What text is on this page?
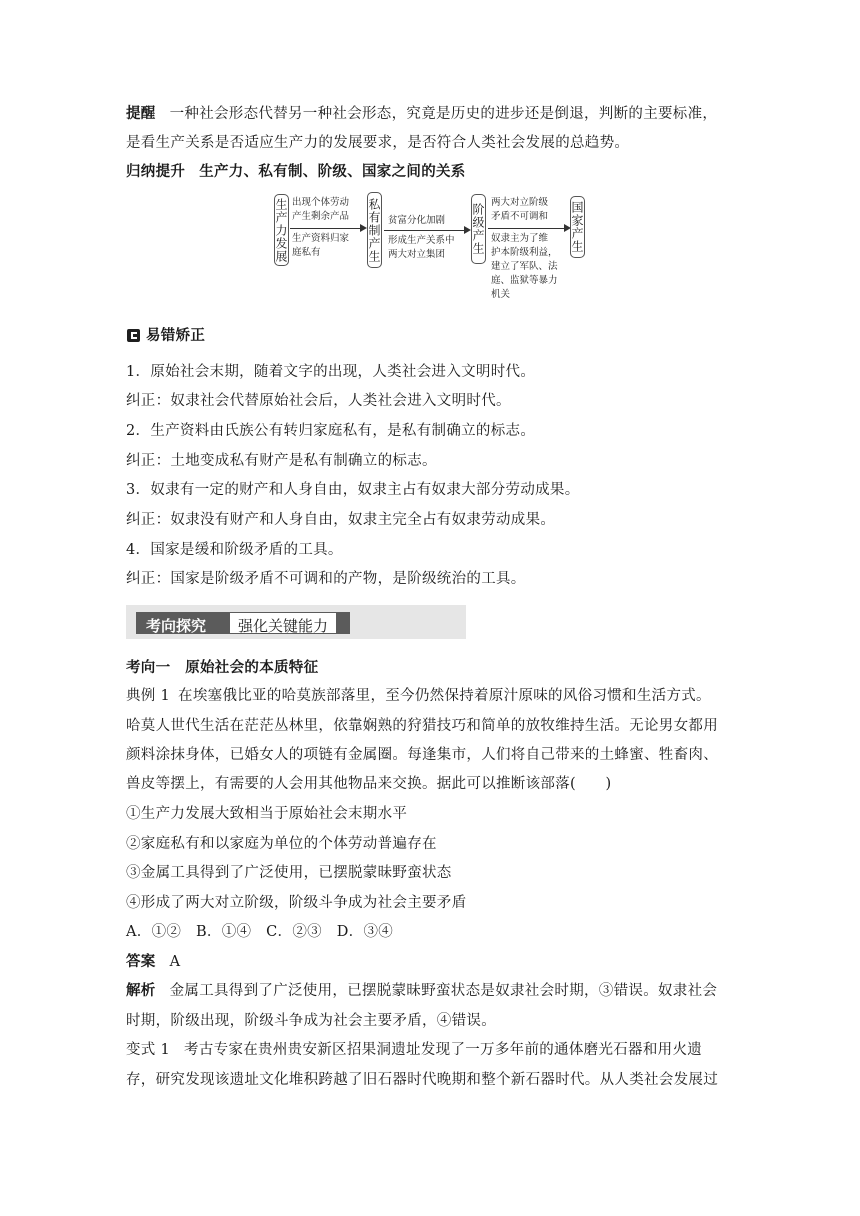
提醒 一种社会形态代替另一种社会形态，究竟是历史的进步还是倒退，判断的主要标准，
是看生产关系是否适应生产力的发展要求，是否符合人类社会发展的总趋势。
归纳提升 生产力、私有制、阶级、国家之间的关系
生产力发展 出现个体劳动
产生剩余产品
生产资料归家
庭私有	私有制产生 贫富分化加剧
形成生产关系中
两大对立集团 阶级产生
两大对立阶级
矛盾不可调和
奴隶主为了维
护本阶级利益，
建立了军队、法
庭、监狱等暴力
机关
国家产生
易错矫正
1．原始社会末期，随着文字的出现，人类社会进入文明时代。
纠正：奴隶社会代替原始社会后，人类社会进入文明时代。
2．生产资料由氏族公有转归家庭私有，是私有制确立的标志。
纠正：土地变成私有财产是私有制确立的标志。
3．奴隶有一定的财产和人身自由，奴隶主占有奴隶大部分劳动成果。
纠正：奴隶没有财产和人身自由，奴隶主完全占有奴隶劳动成果。
4．国家是缓和阶级矛盾的工具。
纠正：国家是阶级矛盾不可调和的产物，是阶级统治的工具。
考向探究 强化关键能力
考向一　原始社会的本质特征
典例 1 在埃塞俄比亚的哈莫族部落里，至今仍然保持着原汁原味的风俗习惯和生活方式。
哈莫人世代生活在茫茫丛林里，依靠娴熟的狩猎技巧和简单的放牧维持生活。无论男女都用
颜料涂抹身体，已婚女人的项链有金属圈。每逢集市，人们将自己带来的土蜂蜜、牲畜肉、
兽皮等摆上，有需要的人会用其他物品来交换。据此可以推断该部落(　　)
①生产力发展大致相当于原始社会末期水平
②家庭私有和以家庭为单位的个体劳动普遍存在
③金属工具得到了广泛使用，已摆脱蒙昧野蛮状态
④形成了两大对立阶级，阶级斗争成为社会主要矛盾
A．①②　B．①④　C．②③　D．③④
答案 A
解析 金属工具得到了广泛使用，已摆脱蒙昧野蛮状态是奴隶社会时期，③错误。奴隶社会
时期，阶级出现，阶级斗争成为社会主要矛盾，④错误。
变式 1 考古专家在贵州贵安新区招果洞遗址发现了一万多年前的通体磨光石器和用火遗
存，研究发现该遗址文化堆积跨越了旧石器时代晚期和整个新石器时代。从人类社会发展过
